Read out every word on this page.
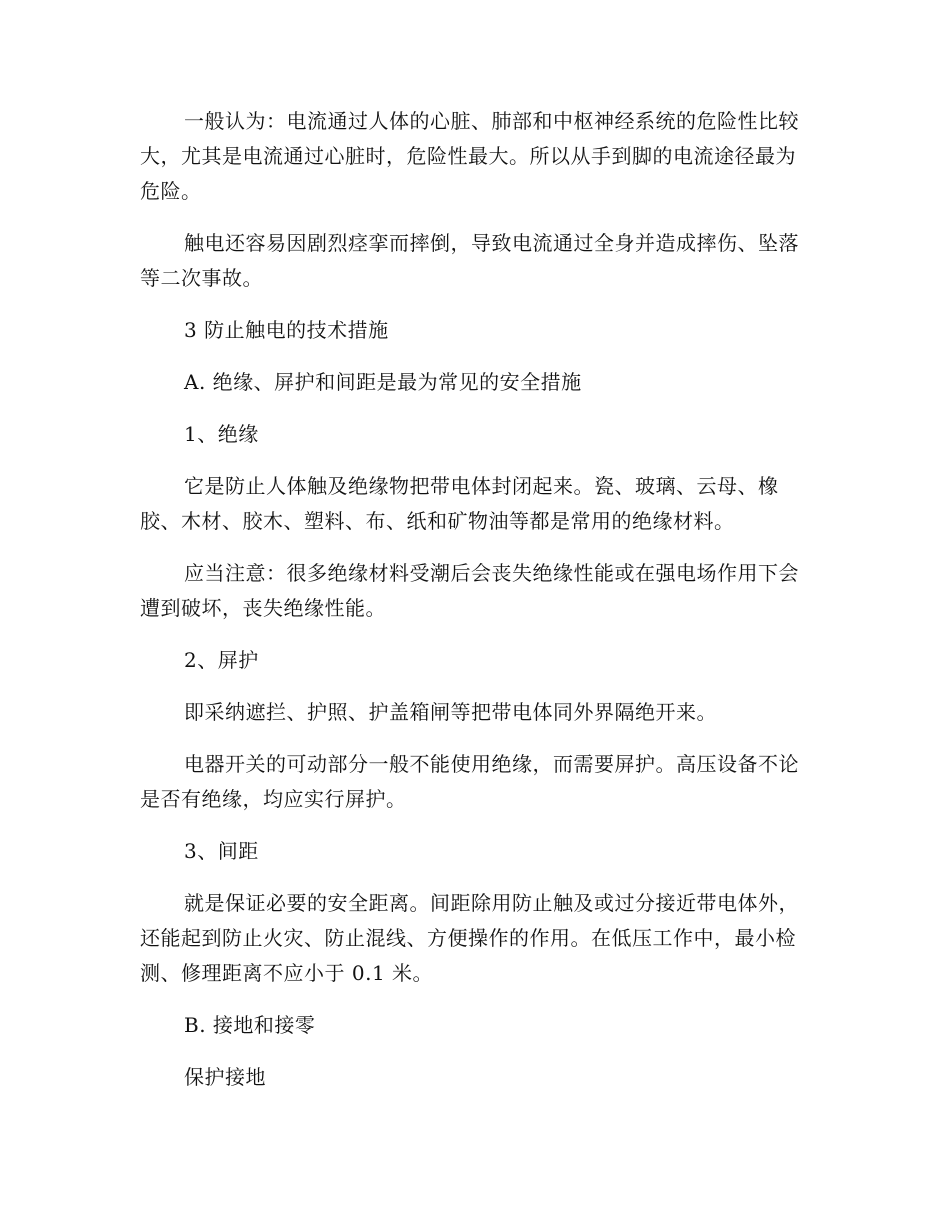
一般认为：电流通过人体的心脏、肺部和中枢神经系统的危险性比较大，尤其是电流通过心脏时，危险性最大。所以从手到脚的电流途径最为危险。

触电还容易因剧烈痉挛而摔倒，导致电流通过全身并造成摔伤、坠落等二次事故。

3 防止触电的技术措施

A. 绝缘、屏护和间距是最为常见的安全措施

1、绝缘

它是防止人体触及绝缘物把带电体封闭起来。瓷、玻璃、云母、橡胶、木材、胶木、塑料、布、纸和矿物油等都是常用的绝缘材料。

应当注意：很多绝缘材料受潮后会丧失绝缘性能或在强电场作用下会遭到破坏，丧失绝缘性能。

2、屏护

即采纳遮拦、护照、护盖箱闸等把带电体同外界隔绝开来。

电器开关的可动部分一般不能使用绝缘，而需要屏护。高压设备不论是否有绝缘，均应实行屏护。

3、间距

就是保证必要的安全距离。间距除用防止触及或过分接近带电体外，还能起到防止火灾、防止混线、方便操作的作用。在低压工作中，最小检测、修理距离不应小于 0.1 米。

B. 接地和接零

保护接地
